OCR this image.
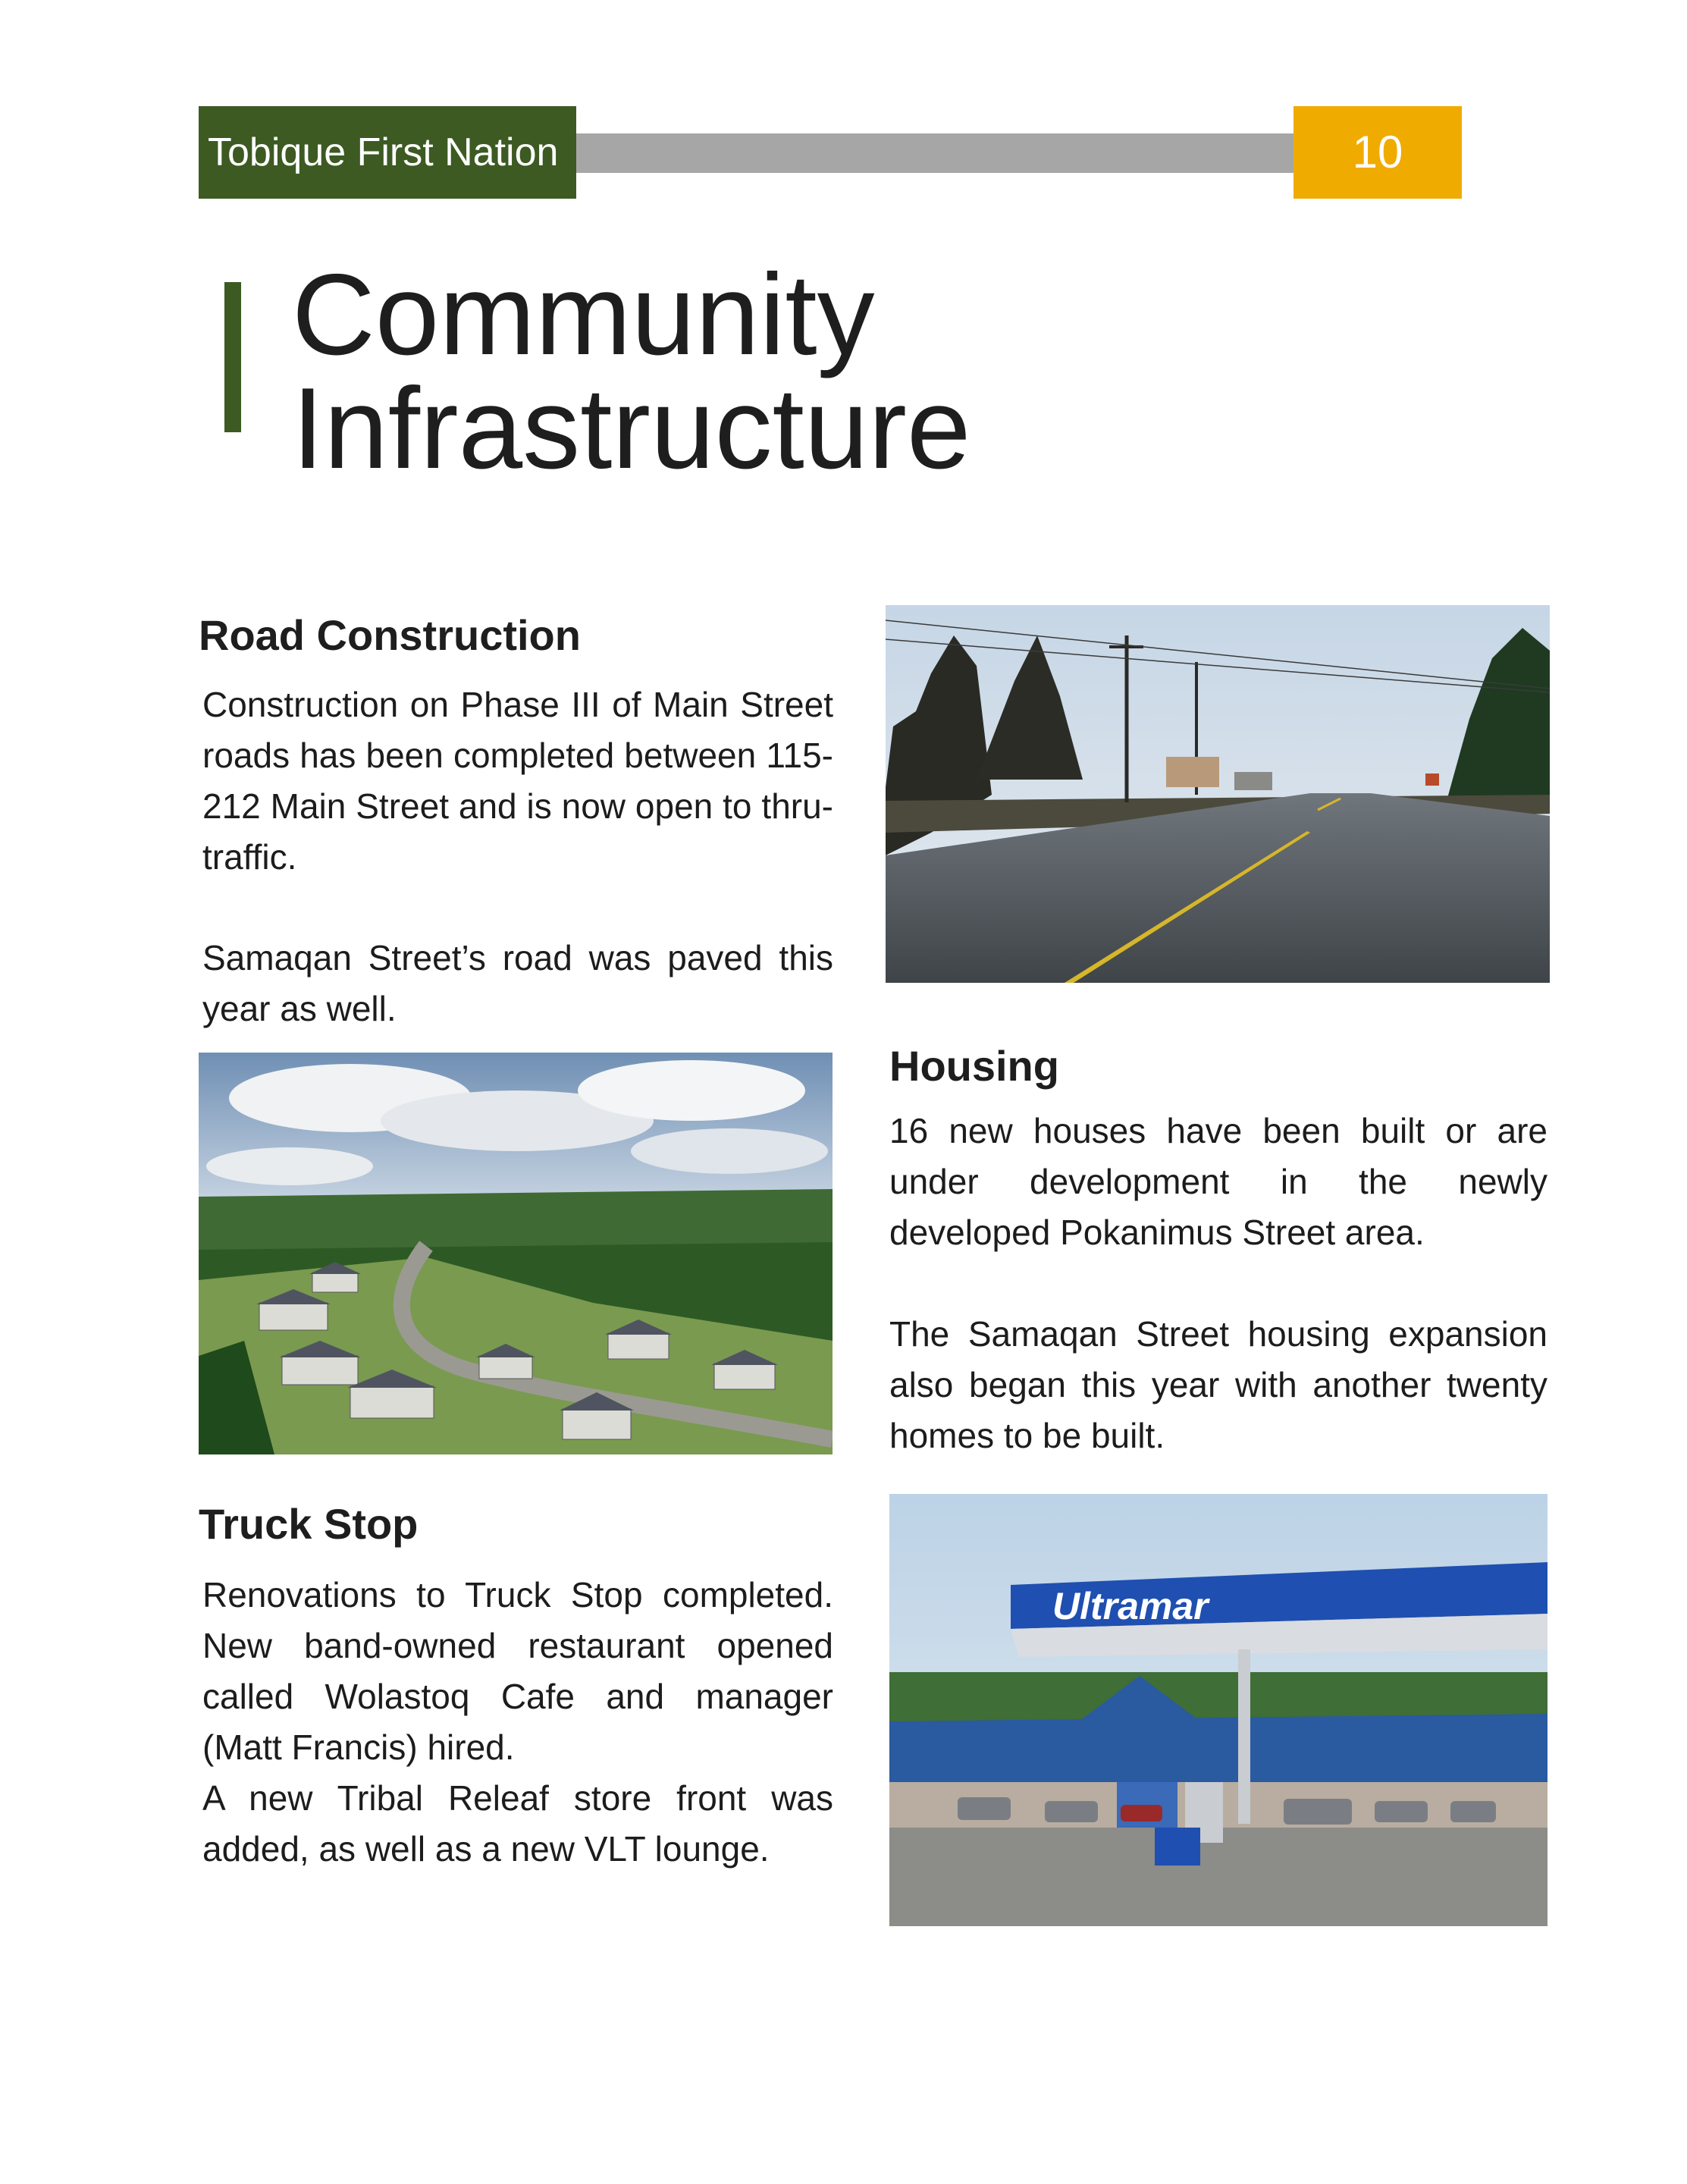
Tobique First Nation	10
Community
Infrastructure
Road Construction

Construction on Phase III of Main Street roads has been completed between 115-212 Main Street and is now open to thru-traffic.

Samaqan Street’s road was paved this year as well.

Housing

16 new houses have been built or are under development in the newly developed Pokanimus Street area.

The Samaqan Street housing expansion also began this year with another twenty homes to be built.

Truck Stop

Renovations to Truck Stop completed. New band-owned restaurant opened called Wolastoq Cafe and manager (Matt Francis) hired.

A new Tribal Releaf store front was added, as well as a new VLT lounge.

Ultramar
